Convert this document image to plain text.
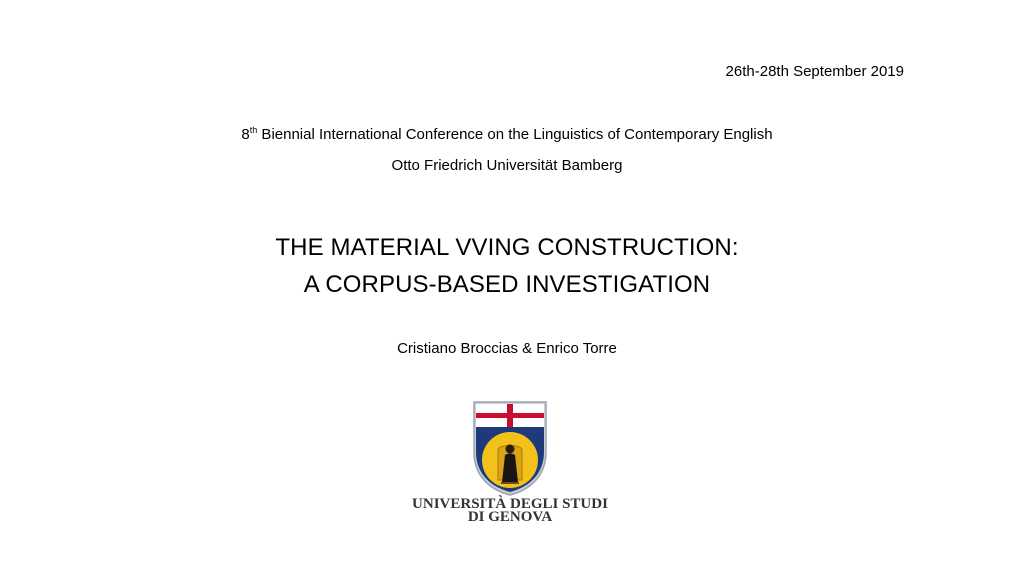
26th-28th September 2019
8th Biennial International Conference on the Linguistics of Contemporary English
Otto Friedrich Universität Bamberg
THE MATERIAL VVING CONSTRUCTION:
A CORPUS-BASED INVESTIGATION
Cristiano Broccias & Enrico Torre
UNIVERSITÀ DEGLI STUDI
DI GENOVA
